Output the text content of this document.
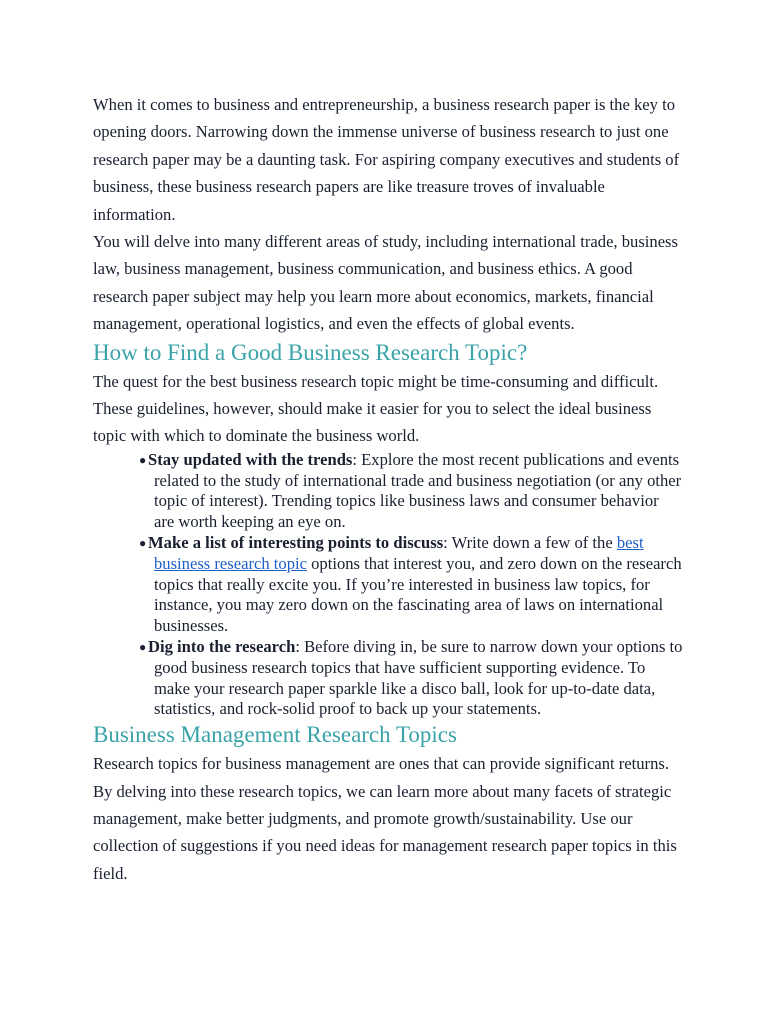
When it comes to business and entrepreneurship, a business research paper is the key to opening doors. Narrowing down the immense universe of business research to just one research paper may be a daunting task. For aspiring company executives and students of business, these business research papers are like treasure troves of invaluable information.

You will delve into many different areas of study, including international trade, business law, business management, business communication, and business ethics. A good research paper subject may help you learn more about economics, markets, financial management, operational logistics, and even the effects of global events.

How to Find a Good Business Research Topic?

The quest for the best business research topic might be time-consuming and difficult. These guidelines, however, should make it easier for you to select the ideal business topic with which to dominate the business world.

● Stay updated with the trends: Explore the most recent publications and events related to the study of international trade and business negotiation (or any other topic of interest). Trending topics like business laws and consumer behavior are worth keeping an eye on.
● Make a list of interesting points to discuss: Write down a few of the best business research topic options that interest you, and zero down on the research topics that really excite you. If you’re interested in business law topics, for instance, you may zero down on the fascinating area of laws on international businesses.
● Dig into the research: Before diving in, be sure to narrow down your options to good business research topics that have sufficient supporting evidence. To make your research paper sparkle like a disco ball, look for up-to-date data, statistics, and rock-solid proof to back up your statements.
Business Management Research Topics

Research topics for business management are ones that can provide significant returns. By delving into these research topics, we can learn more about many facets of strategic management, make better judgments, and promote growth/sustainability. Use our collection of suggestions if you need ideas for management research paper topics in this field.
